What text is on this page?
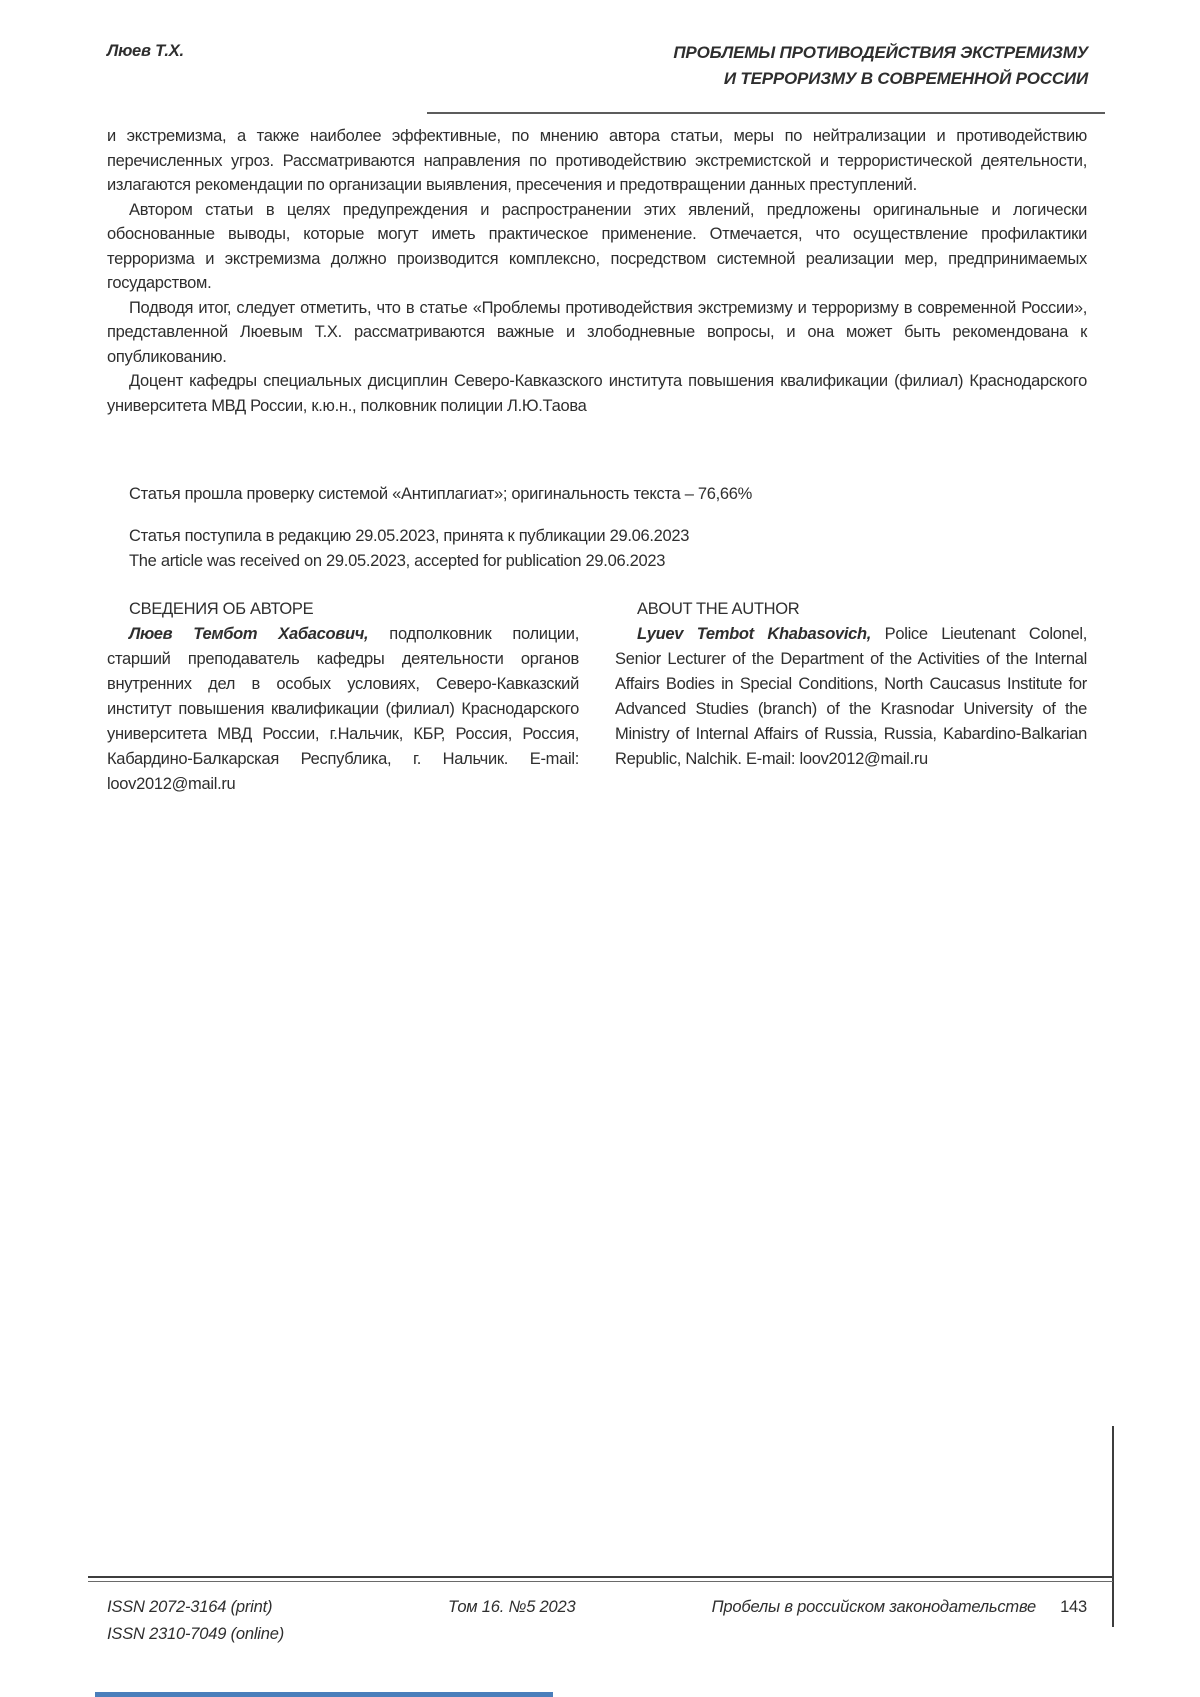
Люев Т.Х.	ПРОБЛЕМЫ ПРОТИВОДЕЙСТВИЯ ЭКСТРЕМИЗМУ
И ТЕРРОРИЗМУ В СОВРЕМЕННОЙ РОССИИ

и экстремизма, а также наиболее эффективные, по мнению автора статьи, меры по нейтрализации и противодействию перечисленных угроз. Рассматриваются направления по противодействию экстремистской и террористической деятельности, излагаются рекомендации по организации выявления, пресечения и предотвращении данных преступлений.

Автором статьи в целях предупреждения и распространении этих явлений, предложены оригинальные и логически обоснованные выводы, которые могут иметь практическое применение. Отмечается, что осуществление профилактики терроризма и экстремизма должно производится комплексно, посредством системной реализации мер, предпринимаемых государством.

Подводя итог, следует отметить, что в статье «Проблемы противодействия экстремизму и терроризму в современной России», представленной Люевым Т.Х. рассматриваются важные и злободневные вопросы, и она может быть рекомендована к опубликованию.

Доцент кафедры специальных дисциплин Северо-Кавказского института повышения квалификации (филиал) Краснодарского университета МВД России, к.ю.н., полковник полиции Л.Ю.Таова

Статья прошла проверку системой «Антиплагиат»; оригинальность текста – 76,66%

Статья поступила в редакцию 29.05.2023, принята к публикации 29.06.2023

The article was received on 29.05.2023, accepted for publication 29.06.2023

СВЕДЕНИЯ ОБ АВТОРЕ

Люев Тембот Хабасович, подполковник полиции, старший преподаватель кафедры деятельности органов внутренних дел в особых условиях, Северо-Кавказский институт повышения квалификации (филиал) Краснодарского университета МВД России, г.Нальчик, КБР, Россия, Россия, Кабардино-Балкарская Республика, г. Нальчик. E-mail: loov2012@mail.ru

ABOUT THE AUTHOR

Lyuev Tembot Khabasovich, Police Lieutenant Colonel, Senior Lecturer of the Department of the Activities of the Internal Affairs Bodies in Special Conditions, North Caucasus Institute for Advanced Studies (branch) of the Krasnodar University of the Ministry of Internal Affairs of Russia, Russia, Kabardino-Balkarian Republic, Nalchik. E-mail: loov2012@mail.ru

ISSN 2072-3164 (print)

ISSN 2310-7049 (online)

Том 16. №5 2023	Пробелы в российском законодательстве 143
